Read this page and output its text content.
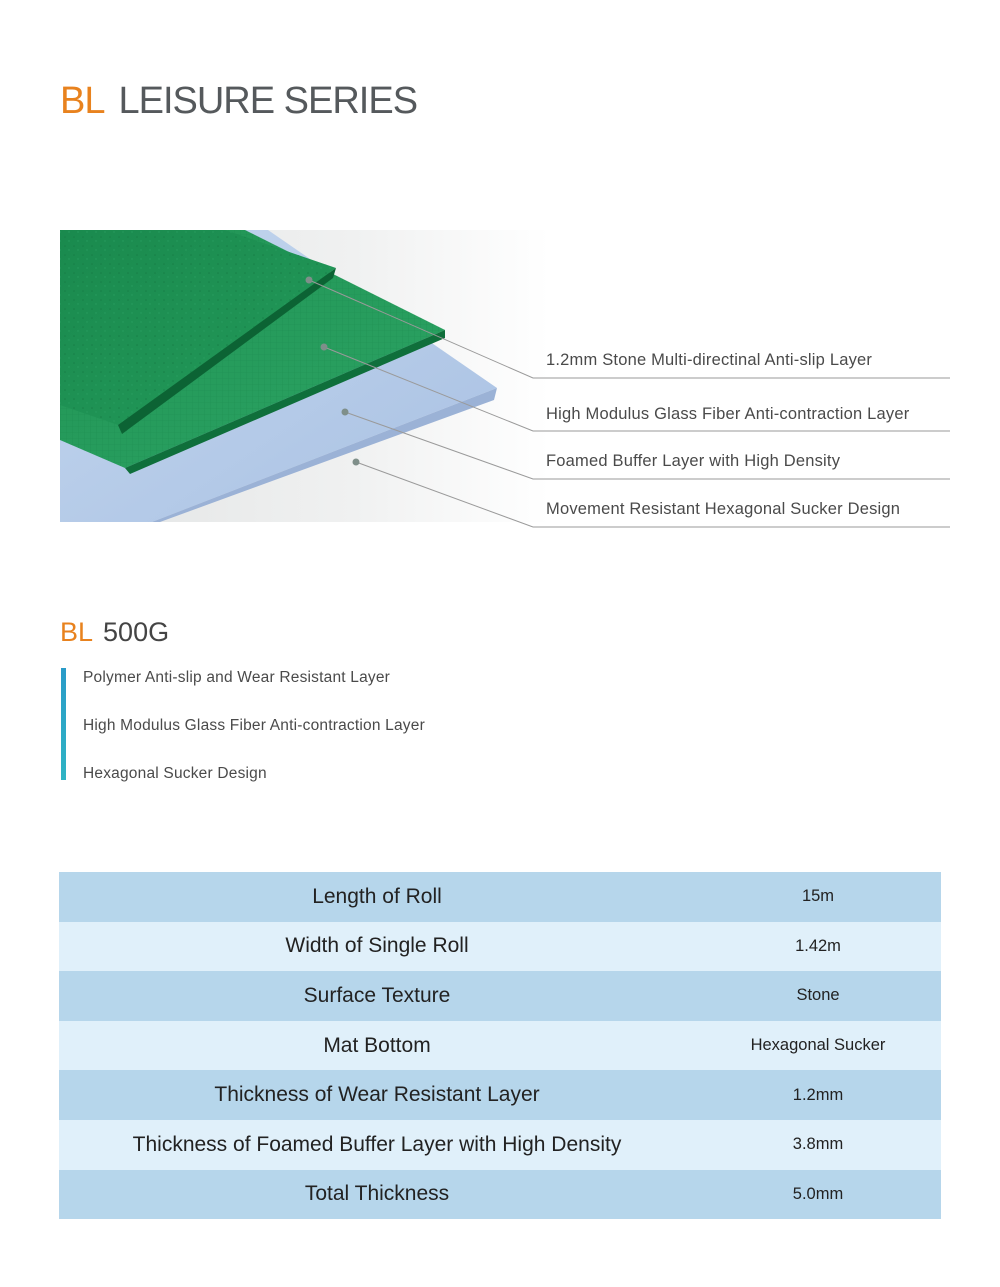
BL LEISURE SERIES
1.2mm Stone Multi-directinal Anti-slip Layer
High Modulus Glass Fiber Anti-contraction Layer
Foamed Buffer Layer with High Density
Movement Resistant Hexagonal Sucker Design
BL 500G
Polymer Anti-slip and Wear Resistant Layer
High Modulus Glass Fiber Anti-contraction Layer
Hexagonal Sucker Design
Length of Roll	15m
Width of Single Roll	1.42m
Surface Texture	Stone
Mat Bottom	Hexagonal Sucker
Thickness of Wear Resistant Layer	1.2mm
Thickness of Foamed Buffer Layer with High Density	3.8mm
Total Thickness	5.0mm
